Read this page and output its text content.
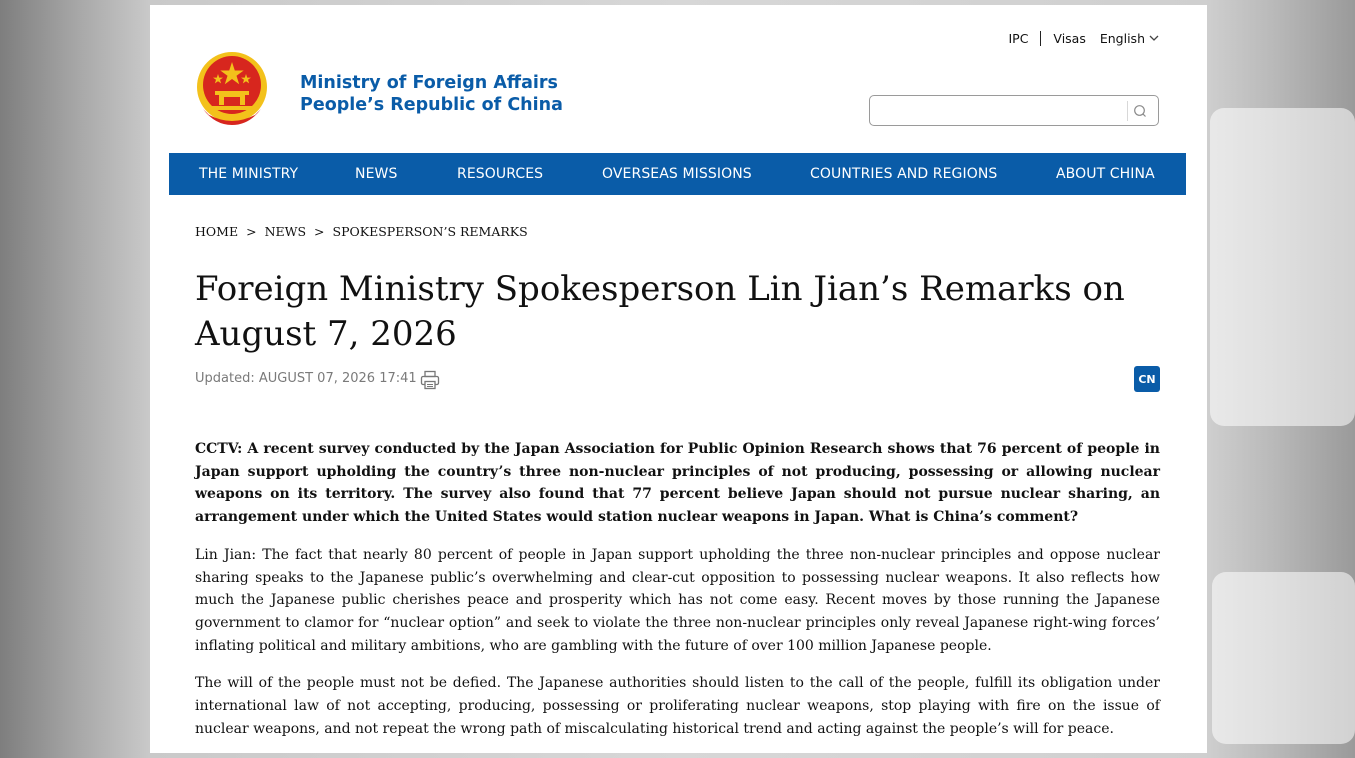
IPC Visas English
Ministry of Foreign Affairs
People’s Republic of China
THE MINISTRY	NEWS	RESOURCES	OVERSEAS MISSIONS	COUNTRIES AND REGIONS	ABOUT CHINA
HOME > NEWS > SPOKESPERSON’S REMARKS
Foreign Ministry Spokesperson Lin Jian’s Remarks on August 7, 2026
Updated: AUGUST 07, 2026 17:41	CN

CCTV: A recent survey conducted by the Japan Association for Public Opinion Research shows that 76 percent of people in Japan support upholding the country’s three non-nuclear principles of not producing, possessing or allowing nuclear weapons on its territory. The survey also found that 77 percent believe Japan should not pursue nuclear sharing, an arrangement under which the United States would station nuclear weapons in Japan. What is China’s comment?

Lin Jian: The fact that nearly 80 percent of people in Japan support upholding the three non-nuclear principles and oppose nuclear sharing speaks to the Japanese public’s overwhelming and clear-cut opposition to possessing nuclear weapons. It also reflects how much the Japanese public cherishes peace and prosperity which has not come easy. Recent moves by those running the Japanese government to clamor for “nuclear option” and seek to violate the three non-nuclear principles only reveal Japanese right-wing forces’ inflating political and military ambitions, who are gambling with the future of over 100 million Japanese people.

The will of the people must not be defied. The Japanese authorities should listen to the call of the people, fulfill its obligation under international law of not accepting, producing, possessing or proliferating nuclear weapons, stop playing with fire on the issue of nuclear weapons, and not repeat the wrong path of miscalculating historical trend and acting against the people’s will for peace.
